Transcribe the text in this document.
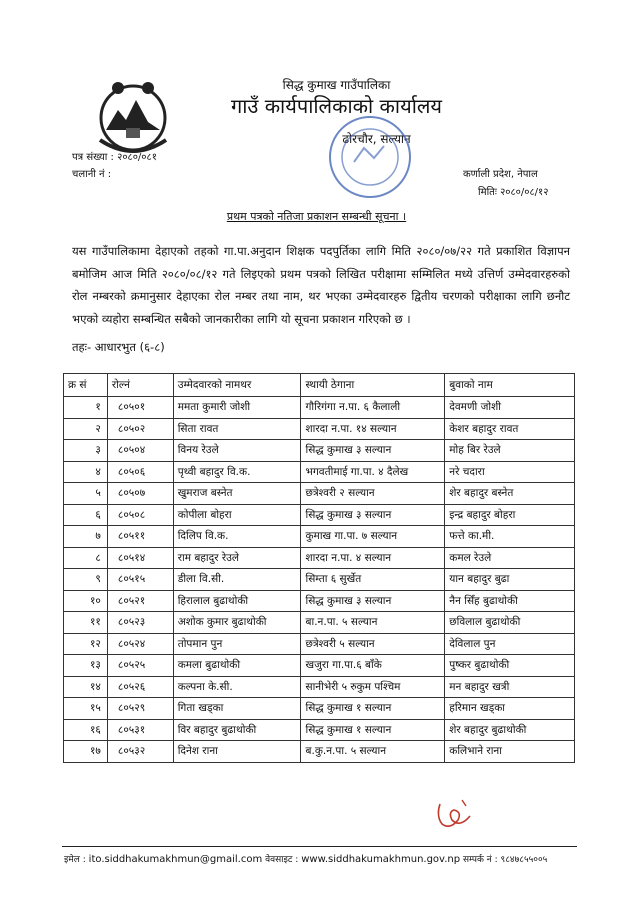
सिद्ध कुमाख गाउँपालिका
गाउँ कार्यपालिकाको कार्यालय
ढोरचौर, सल्यान
पत्र संख्या : २०८०/०८१
चलानी नं :	कर्णाली प्रदेश, नेपाल
मितिः २०८०/०८/१२
प्रथम पत्रको नतिजा प्रकाशन सम्बन्धी सूचना ।
यस गाउँपालिकामा देहाएको तहको गा.पा.अनुदान शिक्षक पदपुर्तिका लागि मिति २०८०/०७/२२ गते प्रकाशित विज्ञापन बमोजिम आज मिति २०८०/०८/१२ गते लिइएको प्रथम पत्रको लिखित परीक्षामा सम्मिलित मध्ये उत्तिर्ण उम्मेदवारहरुको रोल नम्बरको क्रमानुसार देहाएका रोल नम्बर तथा नाम, थर भएका उम्मेदवारहरु द्वितीय चरणको परीक्षाका लागि छनौट भएको व्यहोरा सम्बन्धित सबैको जानकारीका लागि यो सूचना प्रकाशन गरिएको छ ।
तहः- आधारभुत (६-८)
क्र सं	रोल्नं	उम्मेदवारको नामथर	स्थायी ठेगाना	बुवाको नाम
१	८०५०१	ममता कुमारी जोशी	गौरिगंगा न.पा. ६ कैलाली	देवमणी जोशी
२	८०५०२	सिता रावत	शारदा न.पा. १४ सल्यान	केशर बहादुर रावत
३	८०५०४	विनय रेउले	सिद्ध कुमाख ३ सल्यान	मोह बिर रेउले
४	८०५०६	पृथ्वी बहादुर वि.क.	भगवतीमाई गा.पा. ४ दैलेख	नरे चदारा
५	८०५०७	खुमराज बस्नेत	छत्रेश्वरी २ सल्यान	शेर बहादुर बस्नेत
६	८०५०८	कोपीला बोहरा	सिद्ध कुमाख ३ सल्यान	इन्द्र बहादुर बोहरा
७	८०५११	दिलिप वि.क.	कुमाख गा.पा. ७ सल्यान	फत्ते का.मी.
८	८०५१४	राम बहादुर रेउले	शारदा न.पा. ४ सल्यान	कमल रेउले
९	८०५१५	डीला वि.सी.	सिम्ता ६ सुर्खेत	यान बहादुर बुढा
१०	८०५२१	हिरालाल बुढाथोकी	सिद्ध कुमाख ३ सल्यान	नैन सिँह बुढाथोकी
११	८०५२३	अशोक कुमार बुढाथोकी	बा.न.पा. ५ सल्यान	छविलाल बुढाथोकी
१२	८०५२४	तोपमान पुन	छत्रेश्वरी ५ सल्यान	देविलाल पुन
१३	८०५२५	कमला बुढाथोकी	खजुरा गा.पा.६ बाँके	पुष्कर बुढाथोकी
१४	८०५२६	कल्पना के.सी.	सानीभेरी ५ रुकुम पश्चिम	मन बहादुर खत्री
१५	८०५२९	गिता खड्का	सिद्ध कुमाख १ सल्यान	हरिमान खड्का
१६	८०५३१	विर बहादुर बुढाथोकी	सिद्ध कुमाख १ सल्यान	शेर बहादुर बुढाथोकी
१७	८०५३२	दिनेश राना	ब.कु.न.पा. ५ सल्यान	कलिभाने राना
इमेल : ito.siddhakumakhmun@gmail.com वेवसाइट : www.siddhakumakhmun.gov.np सम्पर्क नं : ९८४७८५५००५
